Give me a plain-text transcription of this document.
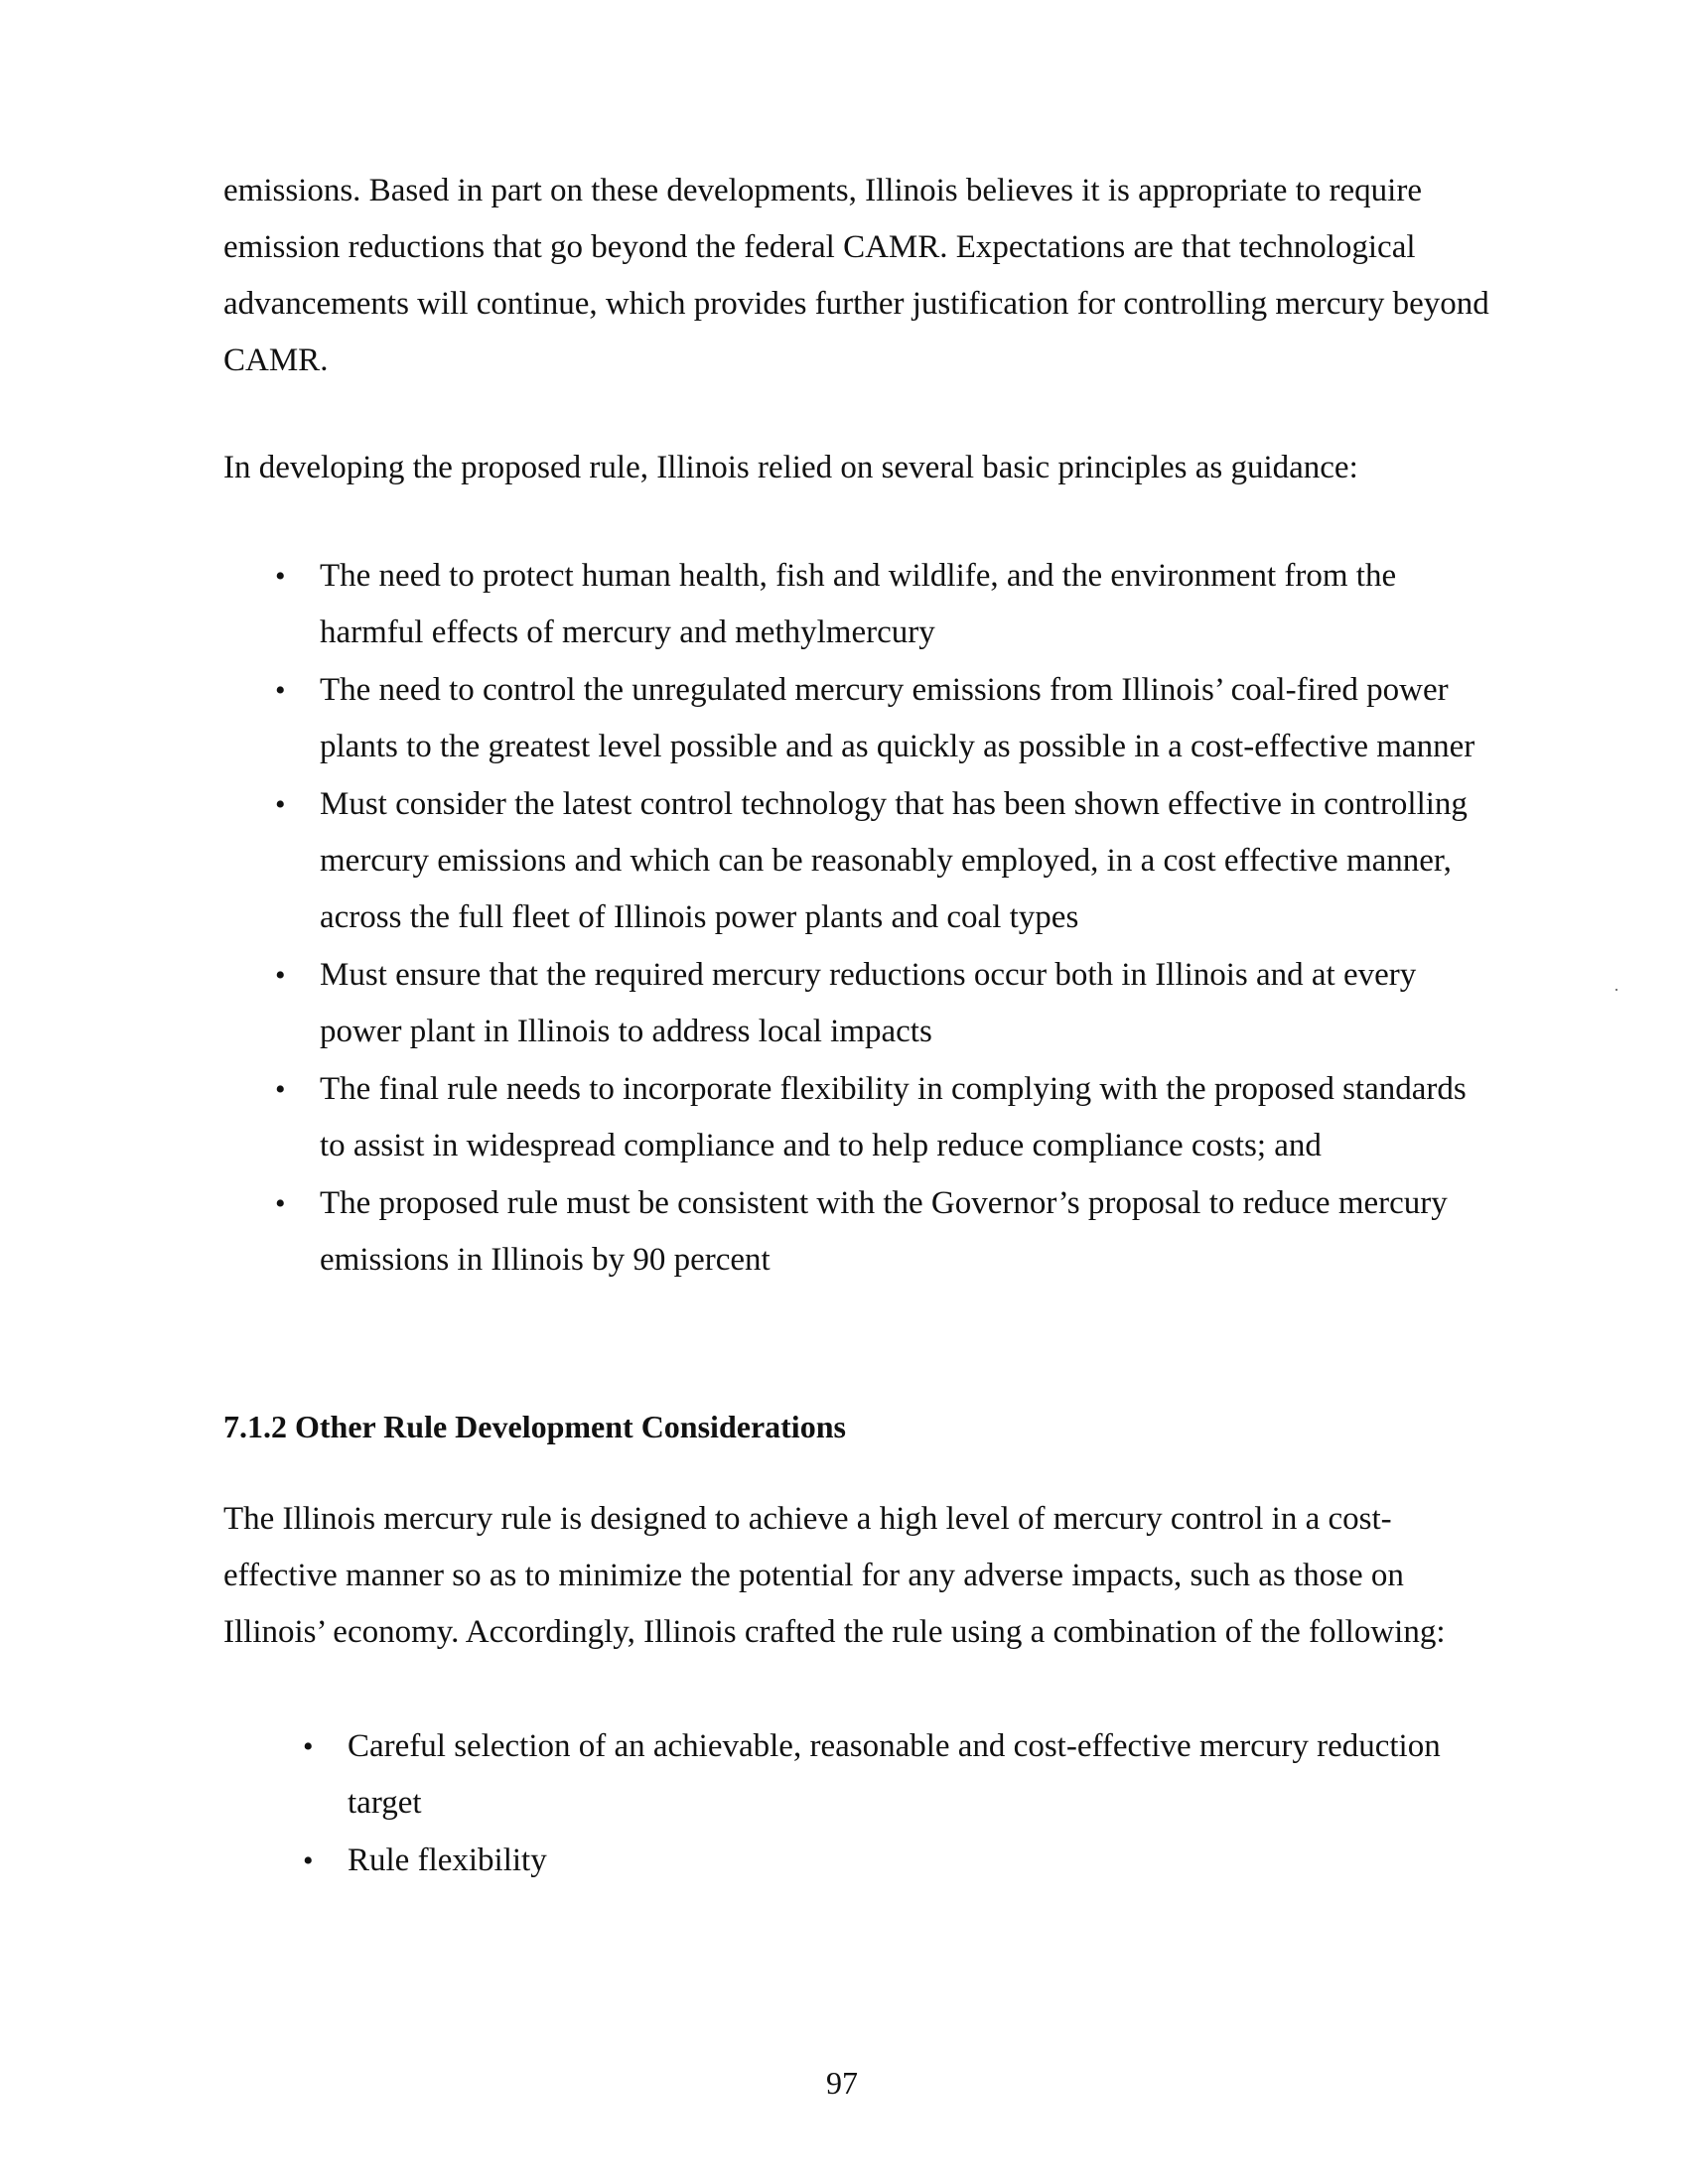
emissions. Based in part on these developments, Illinois believes it is appropriate to require emission reductions that go beyond the federal CAMR. Expectations are that technological advancements will continue, which provides further justification for controlling mercury beyond CAMR.

In developing the proposed rule, Illinois relied on several basic principles as guidance:

• The need to protect human health, fish and wildlife, and the environment from the harmful effects of mercury and methylmercury
• The need to control the unregulated mercury emissions from Illinois’ coal-fired power plants to the greatest level possible and as quickly as possible in a cost-effective manner
• Must consider the latest control technology that has been shown effective in controlling mercury emissions and which can be reasonably employed, in a cost effective manner, across the full fleet of Illinois power plants and coal types
• Must ensure that the required mercury reductions occur both in Illinois and at every power plant in Illinois to address local impacts
• The final rule needs to incorporate flexibility in complying with the proposed standards to assist in widespread compliance and to help reduce compliance costs; and
• The proposed rule must be consistent with the Governor’s proposal to reduce mercury emissions in Illinois by 90 percent
7.1.2 Other Rule Development Considerations

The Illinois mercury rule is designed to achieve a high level of mercury control in a cost-effective manner so as to minimize the potential for any adverse impacts, such as those on Illinois’ economy. Accordingly, Illinois crafted the rule using a combination of the following:

• Careful selection of an achievable, reasonable and cost-effective mercury reduction target
• Rule flexibility
97
